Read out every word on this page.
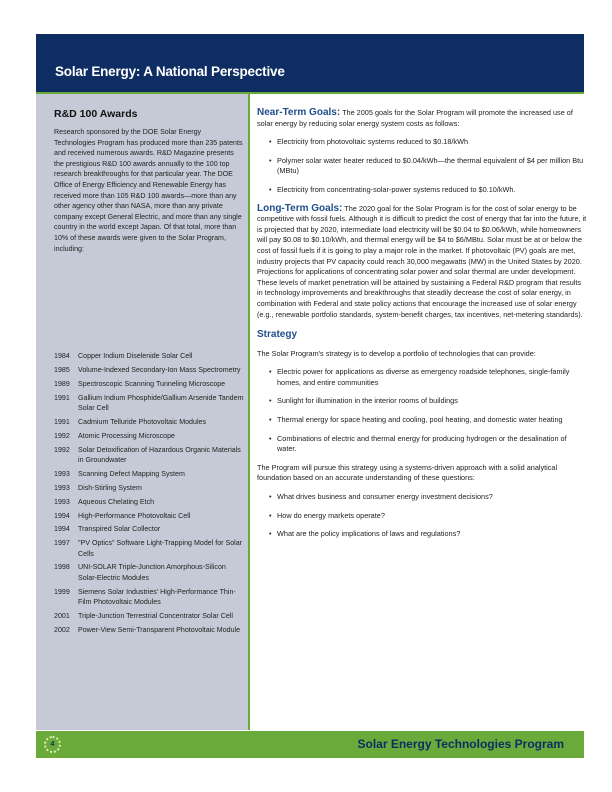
Solar Energy: A National Perspective
R&D 100 Awards
Research sponsored by the DOE Solar Energy Technologies Program has produced more than 235 patents and received numerous awards. R&D Magazine presents the prestigious R&D 100 awards annually to the 100 top research breakthroughs for that particular year. The DOE Office of Energy Efficiency and Renewable Energy has received more than 105 R&D 100 awards—more than any other agency other than NASA, more than any private company except General Electric, and more than any single country in the world except Japan. Of that total, more than 10% of these awards were given to the Solar Program, including:
1984	Copper Indium Diselenide Solar Cell
1985	Volume-Indexed Secondary-Ion Mass Spectrometry
1989	Spectroscopic Scanning Tunneling Microscope
1991	Gallium Indium Phosphide/Gallium Arsenide Tandem Solar Cell
1991	Cadmium Telluride Photovoltaic Modules
1992	Atomic Processing Microscope
1992	Solar Detoxification of Hazardous Organic Materials in Groundwater
1993	Scanning Defect Mapping System
1993	Dish-Stirling System
1993	Aqueous Chelating Etch
1994	High-Performance Photovoltaic Cell
1994	Transpired Solar Collector
1997	"PV Optics" Software Light-Trapping Model for Solar Cells
1998	UNI-SOLAR Triple-Junction Amorphous-Silicon Solar-Electric Modules
1999	Siemens Solar Industries' High-Performance Thin-Film Photovoltaic Modules
2001	Triple-Junction Terrestrial Concentrator Solar Cell
2002	Power-View Semi-Transparent Photovoltaic Module

Near-Term Goals: The 2005 goals for the Solar Program will promote the increased use of solar energy by reducing solar energy system costs as follows:

• Electricity from photovoltaic systems reduced to $0.18/kWh
• Polymer solar water heater reduced to $0.04/kWh—the thermal equivalent of $4 per million Btu (MBtu)
• Electricity from concentrating-solar-power systems reduced to $0.10/kWh.

Long-Term Goals: The 2020 goal for the Solar Program is for the cost of solar energy to be competitive with fossil fuels. Although it is difficult to predict the cost of energy that far into the future, it is projected that by 2020, intermediate load electricity will be $0.04 to $0.06/kWh, while homeowners will pay $0.08 to $0.10/kWh, and thermal energy will be $4 to $6/MBtu. Solar must be at or below the cost of fossil fuels if it is going to play a major role in the market. If photovoltaic (PV) goals are met, industry projects that PV capacity could reach 30,000 megawatts (MW) in the United States by 2020. Projections for applications of concentrating solar power and solar thermal are under development. These levels of market penetration will be attained by sustaining a Federal R&D program that results in technology improvements and breakthroughs that steadily decrease the cost of solar energy, in combination with Federal and state policy actions that encourage the increased use of solar energy (e.g., renewable portfolio standards, system-benefit charges, tax incentives, net-metering standards).

Strategy

The Solar Program's strategy is to develop a portfolio of technologies that can provide:

• Electric power for applications as diverse as emergency roadside telephones, single-family homes, and entire communities
• Sunlight for illumination in the interior rooms of buildings
• Thermal energy for space heating and cooling, pool heating, and domestic water heating
• Combinations of electric and thermal energy for producing hydrogen or the desalination of water.

The Program will pursue this strategy using a systems-driven approach with a solid analytical foundation based on an accurate understanding of these questions:

• What drives business and consumer energy investment decisions?
• How do energy markets operate?
• What are the policy implications of laws and regulations?
4	Solar Energy Technologies Program
